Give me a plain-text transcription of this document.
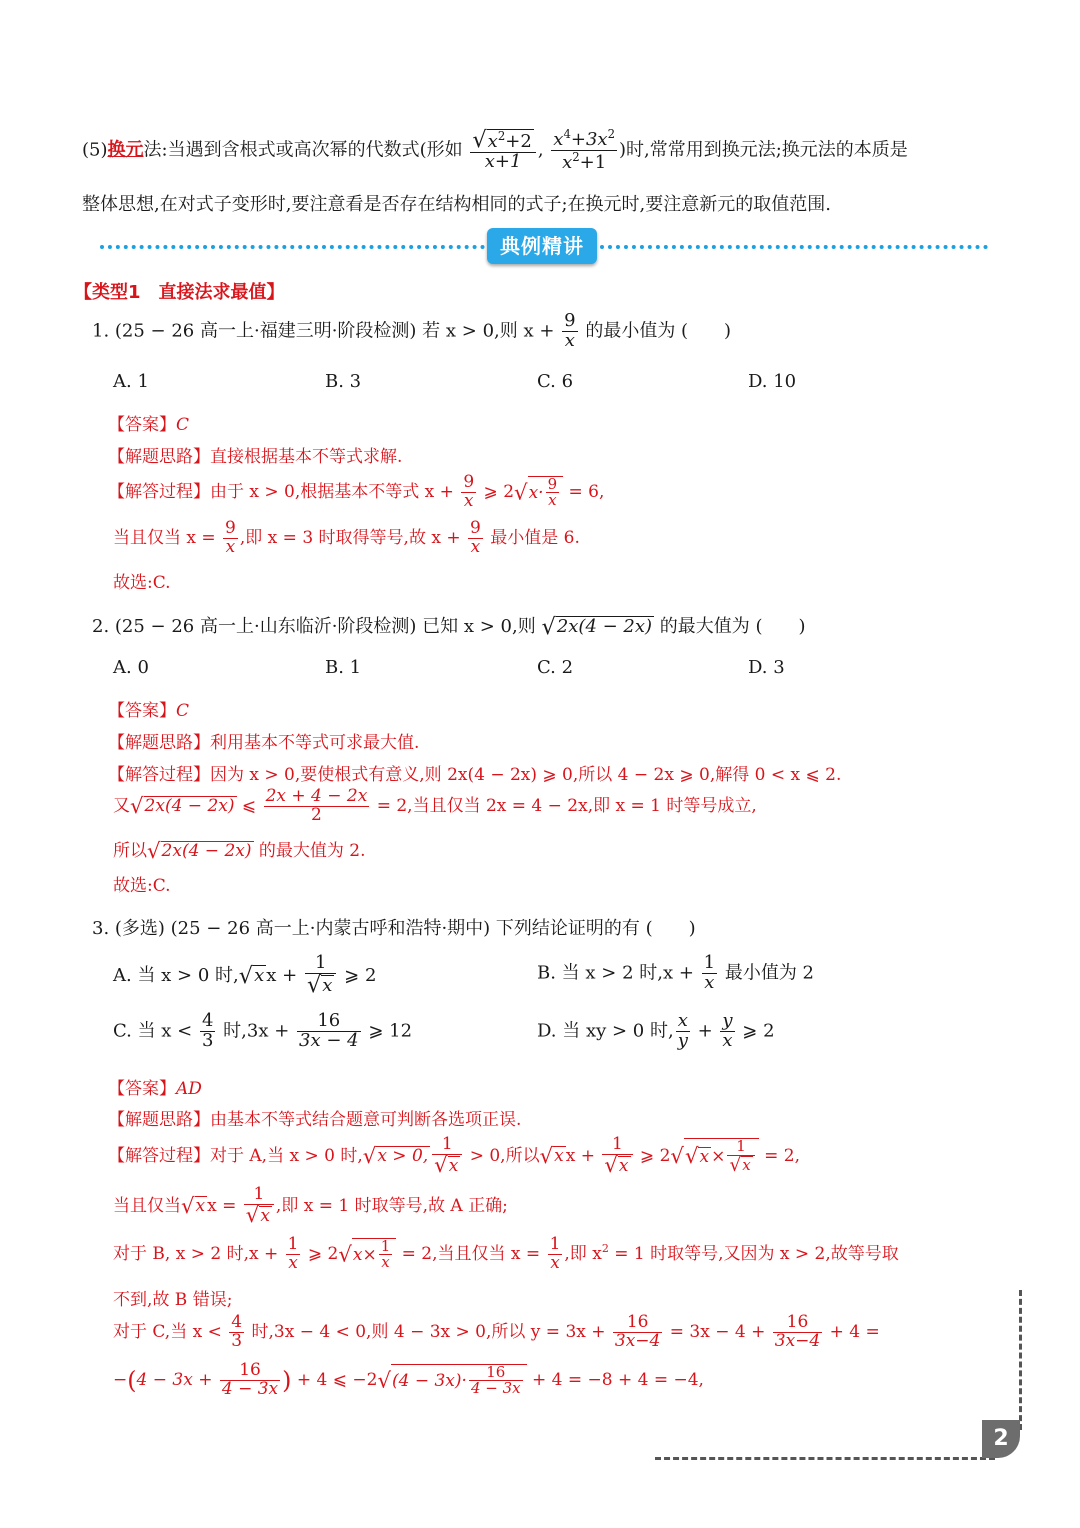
(5)换元法:当遇到含根式或高次幂的代数式(形如 $\frac{√x^2+2}{x+1}$ , $\frac{x^4+3x^2}{x^2+1}$ )时,常常用到换元法;换元法的本质是
整体思想,在对式子变形时,要注意看是否存在结构相同的式子;在换元时,要注意新元的取值范围.
典例精讲
【类型1　直接法求最值】
1. (25 − 26 高一上·福建三明·阶段检测) 若 x > 0,则 $x + \frac{9}{x}$ 的最小值为 (　　)
A. 1	B. 3	C. 6	D. 10
【答案】C
【解题思路】直接根据基本不等式求解.
【解答过程】由于 x > 0,根据基本不等式 $x + \frac{9}{x}$ ⩾ $2√x\cdot \frac{9}{x} = 6$,
当且仅当 $x = \frac{9}{x}$ ,即 x = 3 时取得等号,故 $x + \frac{9}{x}$ 最小值是 6.
故选:C.
2. (25 − 26 高一上·山东临沂·阶段检测) 已知 x > 0,则 √2x(4 − 2x) 的最大值为 (　　)
A. 0	B. 1	C. 2	D. 3
【答案】C
【解题思路】利用基本不等式可求最大值.
【解答过程】因为 x > 0,要使根式有意义,则 2x(4 − 2x) ⩾ 0,所以 4 − 2x ⩾ 0,解得 0 < x ⩽ 2.
又√2x(4 − 2x) ⩽ $\frac{2x + 4 - 2x}{2} = 2$,当且仅当 2x = 4 − 2x,即 x = 1 时等号成立,
所以√2x(4 − 2x) 的最大值为 2.
故选:C.
3. (多选) (25 − 26 高一上·内蒙古呼和浩特·期中) 下列结论证明的有 (　　)
A. 当 x > 0 时,√x $x + \frac{1}{√x}$ ⩾ 2	B. 当 x > 2 时$,x + \frac{1}{x}$ 最小值为 2
C. 当 $x < \frac{4}{3}$ 时$,3x + \frac{16}{3x - 4}$ ⩾ 12	D. 当 xy > 0 时, $\frac{x}{y} + \frac{y}{x}$ ⩾ 2
【答案】AD
【解题思路】由基本不等式结合题意可判断各选项正误.
【解答过程】对于 A,当 x > 0 时,√x > 0, $\frac{1}{√x} > 0$,所以√x $x + \frac{1}{√x}$ ⩾ $2√√x \times \frac{1}{√x} = 2$,
当且仅当√x $x = \frac{1}{√x}$ ,即 x = 1 时取等号,故 A 正确;
对于 B, x > 2 时$,x + \frac{1}{x}$ ⩾ $2√x\times \frac{1}{x} = 2$,当且仅当 $x = \frac{1}{x}$ ,即 $x^2 = 1$ 时取等号,又因为 x > 2,故等号取
不到,故 B 错误;
对于 C,当 $x < \frac{4}{3}$ 时,3x − 4 < 0,则 4 − 3x > 0,所以 $y = 3x + \frac{16}{3x-4} = 3x - 4 + \frac{16}{3x-4} + 4$ =
$-(4 - 3x + \frac{16}{4 - 3x}$ ) + 4 ⩽ $-2√(4 - 3x)\cdot \frac{16}{4 - 3x} + 4 = -8 + 4 = -4$,
2
